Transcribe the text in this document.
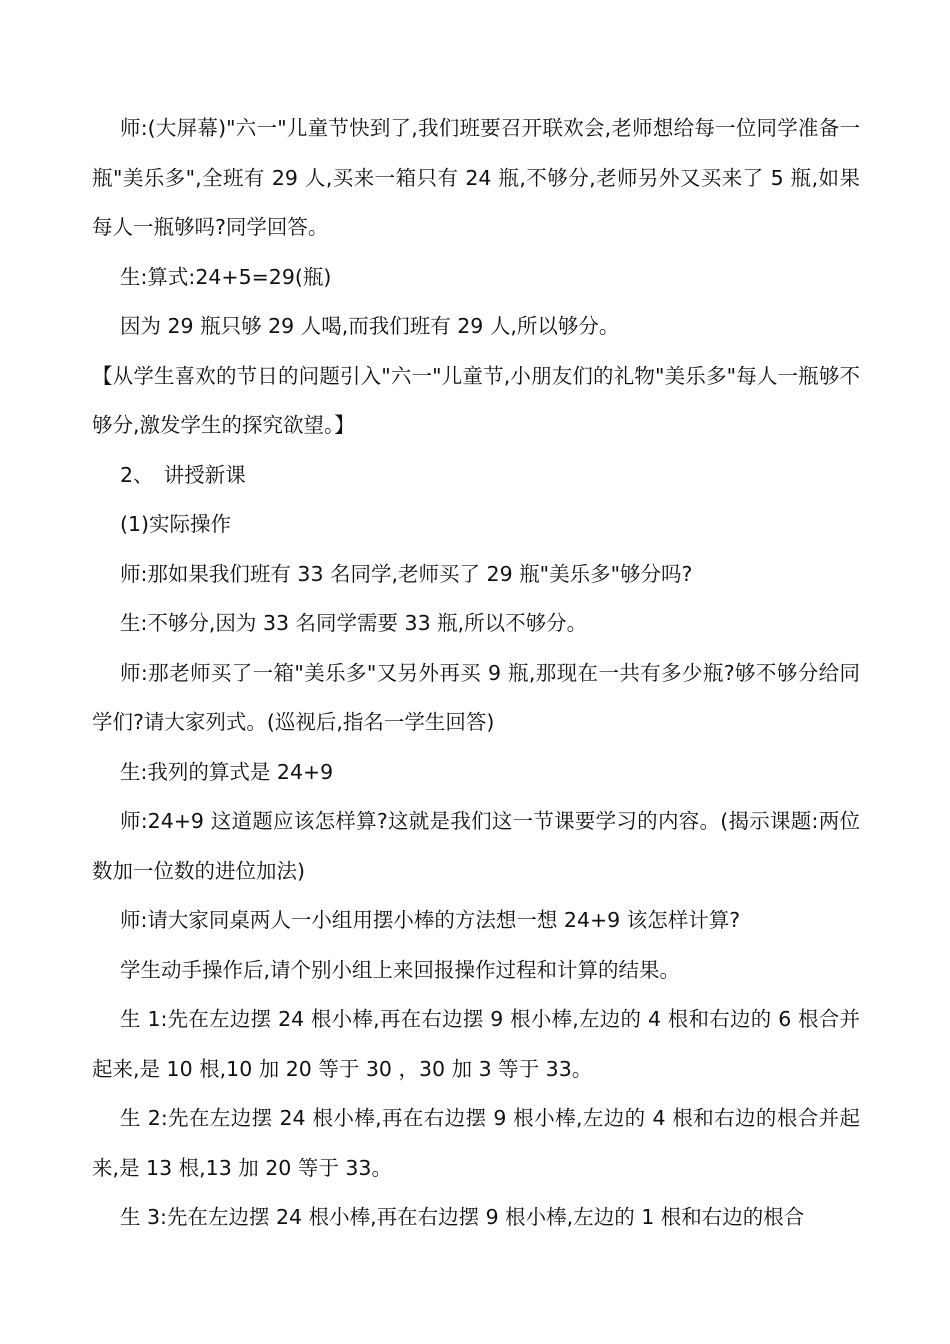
师:(大屏幕)"六一"儿童节快到了,我们班要召开联欢会,老师想给每一位同学准备一瓶"美乐多",全班有 29 人,买来一箱只有 24 瓶,不够分,老师另外又买来了 5 瓶,如果每人一瓶够吗?同学回答。

生:算式:24+5=29(瓶)

因为 29 瓶只够 29 人喝,而我们班有 29 人,所以够分。

【从学生喜欢的节日的问题引入"六一"儿童节,小朋友们的礼物"美乐多"每人一瓶够不够分,激发学生的探究欲望。】

2、　讲授新课

(1)实际操作

师:那如果我们班有 33 名同学,老师买了 29 瓶"美乐多"够分吗?

生:不够分,因为 33 名同学需要 33 瓶,所以不够分。

师:那老师买了一箱"美乐多"又另外再买 9 瓶,那现在一共有多少瓶?够不够分给同学们?请大家列式。(巡视后,指名一学生回答)

生:我列的算式是 24+9

师:24+9 这道题应该怎样算?这就是我们这一节课要学习的内容。(揭示课题:两位数加一位数的进位加法)

师:请大家同桌两人一小组用摆小棒的方法想一想 24+9 该怎样计算?

学生动手操作后,请个别小组上来回报操作过程和计算的结果。

生 1:先在左边摆 24 根小棒,再在右边摆 9 根小棒,左边的 4 根和右边的 6 根合并起来,是 10 根,10 加 20 等于 30 ，30 加 3 等于 33。

生 2:先在左边摆 24 根小棒,再在右边摆 9 根小棒,左边的 4 根和右边的根合并起来,是 13 根,13 加 20 等于 33。

生 3:先在左边摆 24 根小棒,再在右边摆 9 根小棒,左边的 1 根和右边的根合
